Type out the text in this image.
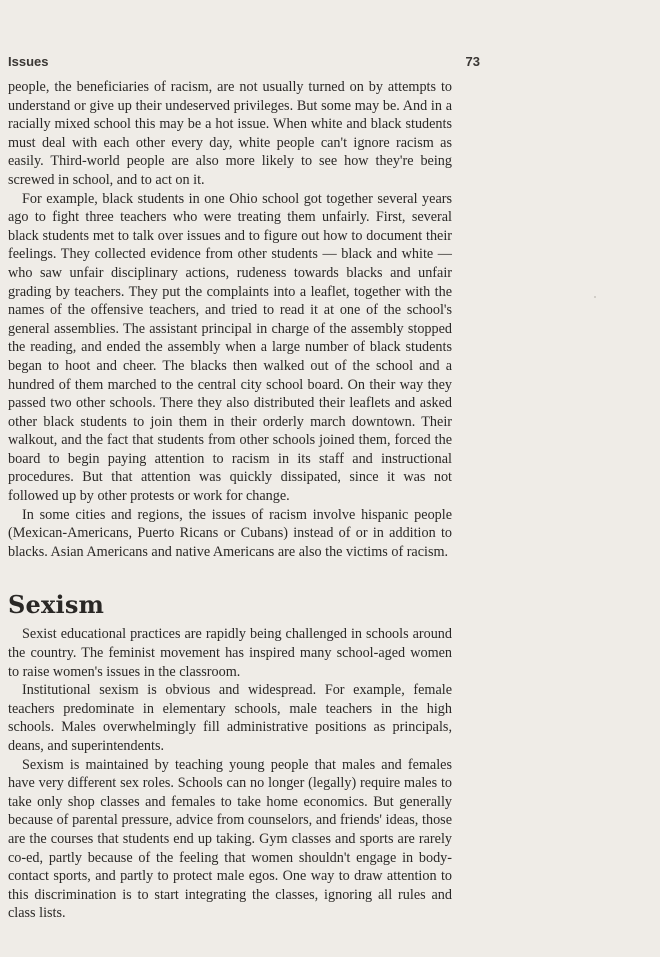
Issues	73

people, the beneficiaries of racism, are not usually turned on by attempts to understand or give up their undeserved privileges. But some may be. And in a racially mixed school this may be a hot issue. When white and black students must deal with each other every day, white people can't ignore racism as easily. Third-world people are also more likely to see how they're being screwed in school, and to act on it.

For example, black students in one Ohio school got together several years ago to fight three teachers who were treating them unfairly. First, several black students met to talk over issues and to figure out how to document their feelings. They collected evidence from other students — black and white — who saw unfair disciplinary actions, rudeness towards blacks and unfair grading by teachers. They put the complaints into a leaflet, together with the names of the offensive teachers, and tried to read it at one of the school's general assemblies. The assistant principal in charge of the assembly stopped the reading, and ended the assembly when a large number of black students began to hoot and cheer. The blacks then walked out of the school and a hundred of them marched to the central city school board. On their way they passed two other schools. There they also distributed their leaflets and asked other black students to join them in their orderly march downtown. Their walkout, and the fact that students from other schools joined them, forced the board to begin paying attention to racism in its staff and instructional procedures. But that attention was quickly dissipated, since it was not followed up by other protests or work for change.

In some cities and regions, the issues of racism involve hispanic people (Mexican-Americans, Puerto Ricans or Cubans) instead of or in addition to blacks. Asian Americans and native Americans are also the victims of racism.

Sexism

Sexist educational practices are rapidly being challenged in schools around the country. The feminist movement has inspired many school-aged women to raise women's issues in the classroom.

Institutional sexism is obvious and widespread. For example, female teachers predominate in elementary schools, male teachers in the high schools. Males overwhelmingly fill administrative positions as principals, deans, and superintendents.

Sexism is maintained by teaching young people that males and females have very different sex roles. Schools can no longer (legally) require males to take only shop classes and females to take home economics. But generally because of parental pressure, advice from counselors, and friends' ideas, those are the courses that students end up taking. Gym classes and sports are rarely co-ed, partly because of the feeling that women shouldn't engage in body-contact sports, and partly to protect male egos. One way to draw attention to this discrimination is to start integrating the classes, ignoring all rules and class lists.
